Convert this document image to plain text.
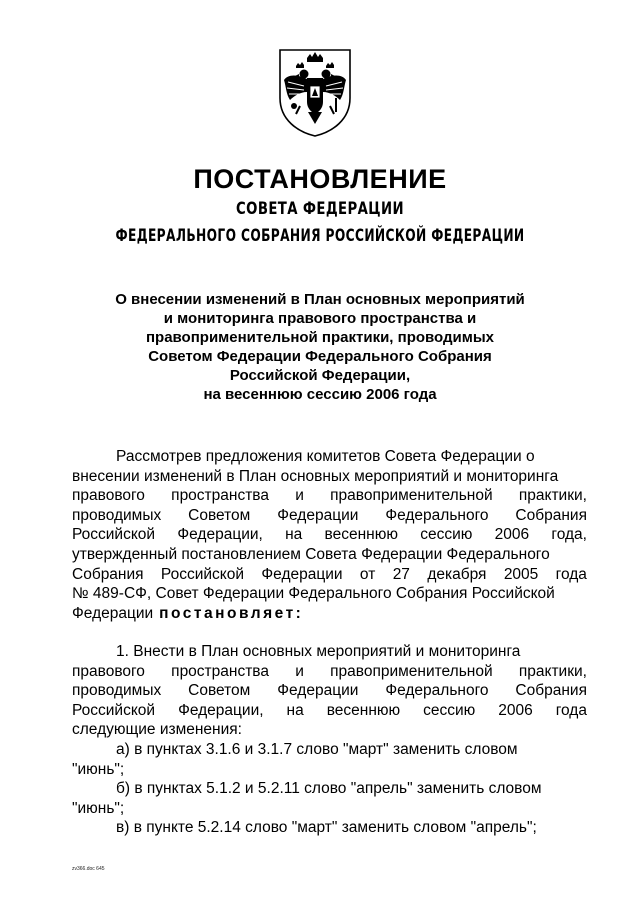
ПОСТАНОВЛЕНИЕ
СОВЕТА ФЕДЕРАЦИИ
ФЕДЕРАЛЬНОГО СОБРАНИЯ РОССИЙСКОЙ ФЕДЕРАЦИИ
О внесении изменений в План основных мероприятий
и мониторинга правового пространства и
правоприменительной практики, проводимых
Советом Федерации Федерального Собрания
Российской Федерации,
на весеннюю сессию 2006 года
Рассмотрев предложения комитетов Совета Федерации о
внесении изменений в План основных мероприятий и мониторинга
правового пространства и правоприменительной практики,
проводимых Советом Федерации Федерального Собрания
Российской Федерации, на весеннюю сессию 2006 года,
утвержденный постановлением Совета Федерации Федерального
Собрания Российской Федерации от 27 декабря 2005 года
№ 489-СФ, Совет Федерации Федерального Собрания Российской
Федерации постановляет:
1. Внести в План основных мероприятий и мониторинга
правового пространства и правоприменительной практики,
проводимых Советом Федерации Федерального Собрания
Российской Федерации, на весеннюю сессию 2006 года
следующие изменения:
а) в пунктах 3.1.6 и 3.1.7 слово "март" заменить словом
"июнь";
б) в пунктах 5.1.2 и 5.2.11 слово "апрель" заменить словом
"июнь";
в) в пункте 5.2.14 слово "март" заменить словом "апрель";
zv366.doc 645
